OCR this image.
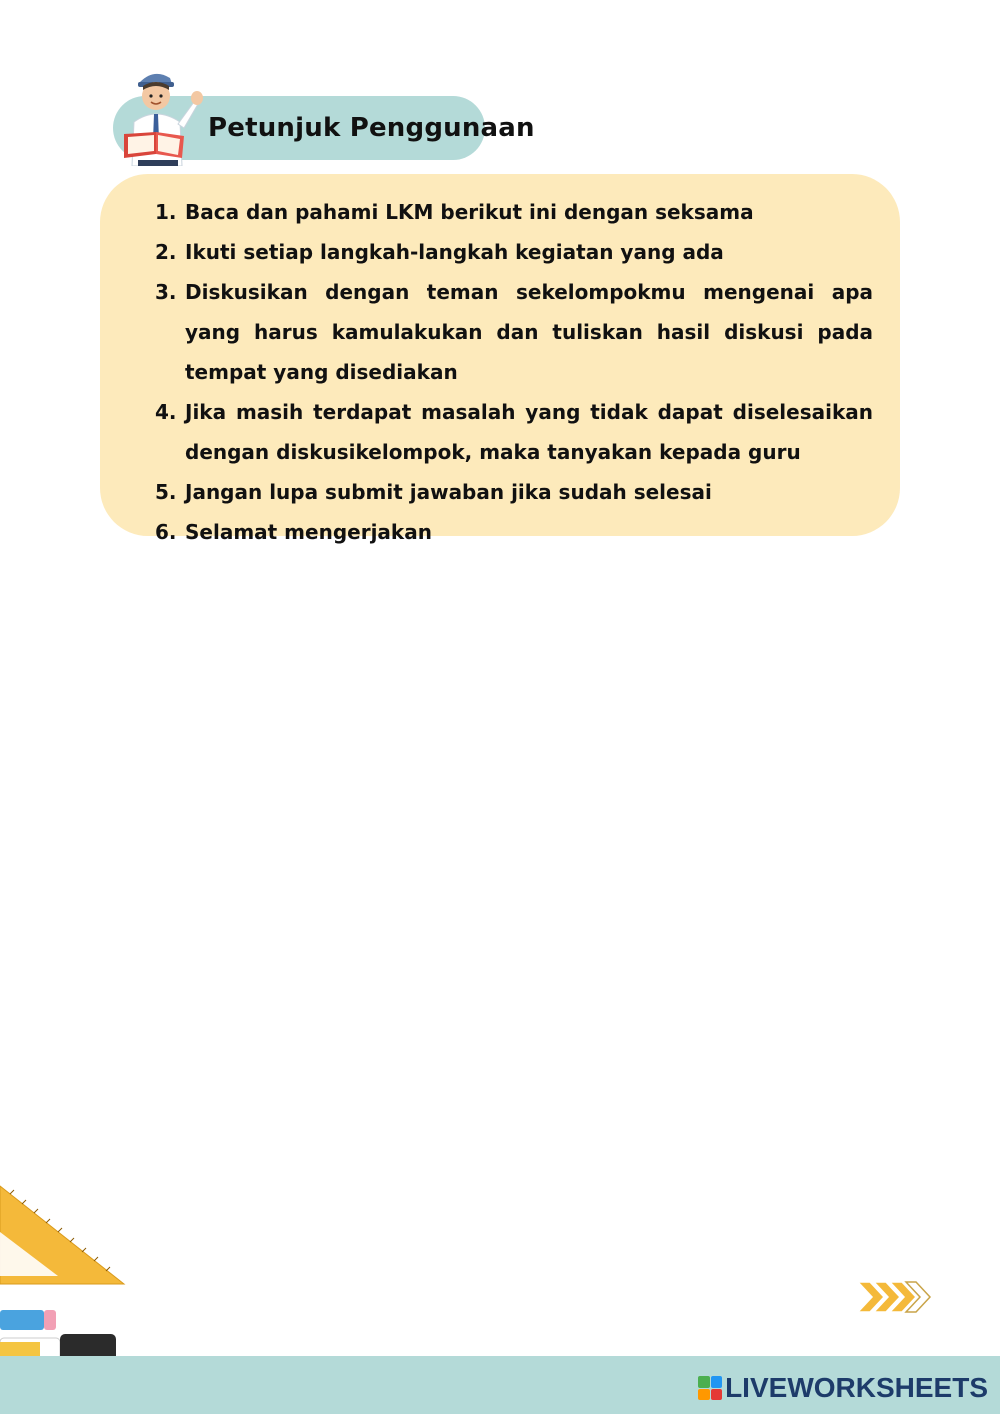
Petunjuk Penggunaan
1. Baca dan pahami LKM berikut ini dengan seksama
2. Ikuti setiap langkah-langkah kegiatan yang ada
3. Diskusikan dengan teman sekelompokmu mengenai apa yang harus kamulakukan dan tuliskan hasil diskusi pada tempat yang disediakan
4. Jika masih terdapat masalah yang tidak dapat diselesaikan dengan diskusikelompok, maka tanyakan kepada guru
5. Jangan lupa submit jawaban jika sudah selesai
6. Selamat mengerjakan
LIVEWORKSHEETS
